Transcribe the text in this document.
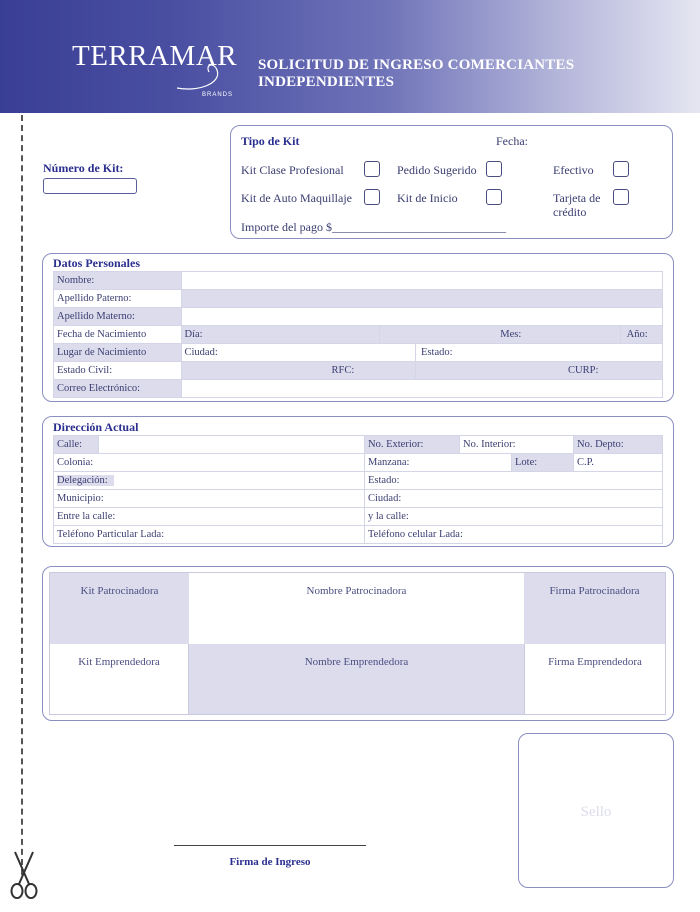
TERRAMAR
BRANDS
SOLICITUD DE INGRESO COMERCIANTES INDEPENDIENTES
Número de Kit:
Tipo de Kit	Fecha:
Kit Clase Profesional	Pedido Sugerido	Efectivo
Kit de Auto Maquillaje	Kit de Inicio	Tarjeta de crédito
Importe del pago $_____________________________
Datos Personales
Nombre:				
Apellido Paterno:				
Apellido Materno:				
Fecha de Nacimiento	Día:	Mes:		Año:
Lugar de Nacimiento	Ciudad:		Estado:	
Estado Civil:	RFC:		CURP:	
Correo Electrónico:				
Dirección Actual
Calle:		No. Exterior:	No. Interior:		No. Depto:
Colonia:		Manzana:		Lote:	C.P.
Delegación:		Estado:			
Municipio:		Ciudad:			
Entre la calle:		y la calle:			
Teléfono Particular Lada:		Teléfono celular Lada:			
Kit Patrocinadora	Nombre Patrocinadora	Firma Patrocinadora
Kit Emprendedora	Nombre Emprendedora	Firma Emprendedora
Firma de Ingreso
Sello
